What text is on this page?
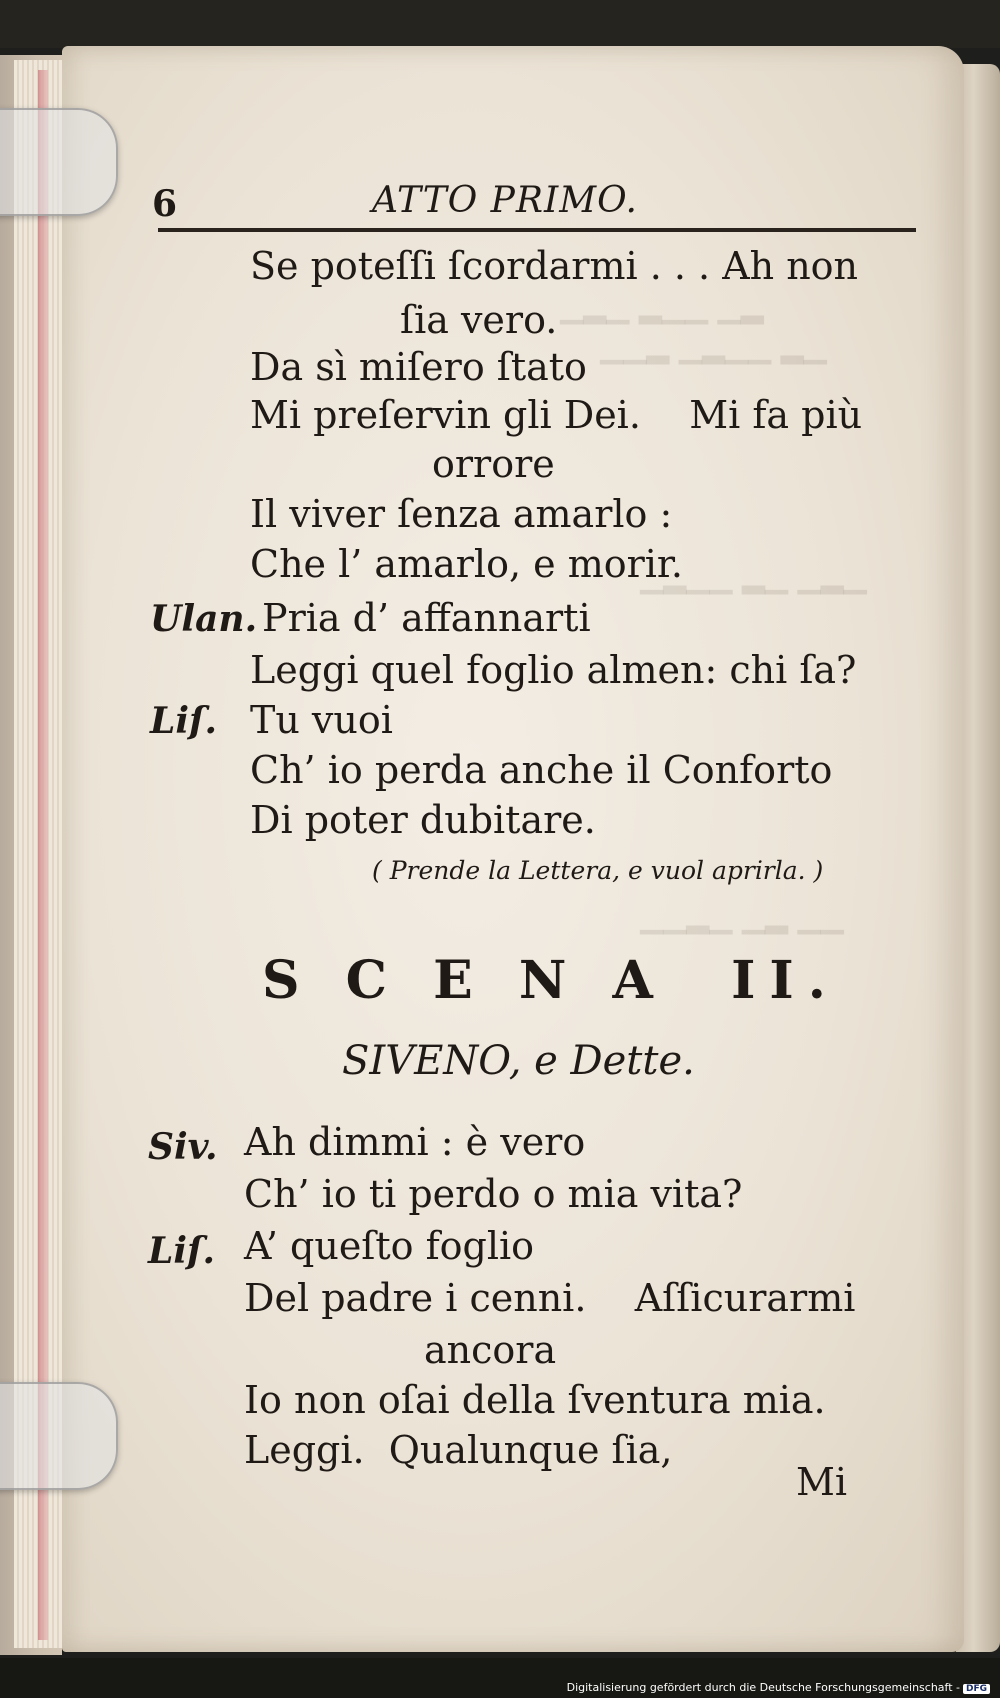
▁▂▁ ▂▁▁ ▁▂
▁▁▂ ▁▂▁▁ ▂▁
▁▂▁▁ ▂▁ ▁▂▁
▁▁▂▁ ▁▂ ▁▁
6	ATTO PRIMO.
Se poteſſi ſcordarmi . . . Ah non
ſia vero.
Da sì miſero ſtato
Mi preſervin gli Dei.    Mi fa più
orrore
Il viver ſenza amarlo :
Che l’ amarlo, e morir.
Ulan. Pria d’ affannarti
Leggi quel foglio almen: chi ſa?
Liſ. Tu vuoi
Ch’ io perda anche il Conforto
Di poter dubitare.
( Prende la Lettera, e vuol aprirla. )
S C E N A  II.
SIVENO, e Dette.
Siv. Ah dimmi : è vero
Ch’ io ti perdo o mia vita?
Liſ. A’ queſto foglio
Del padre i cenni.    Aſſicurarmi
ancora
Io non oſai della ſventura mia.
Leggi.  Qualunque ſia,
Mi
Digitalisierung gefördert durch die Deutsche Forschungsgemeinschaft - DFG
